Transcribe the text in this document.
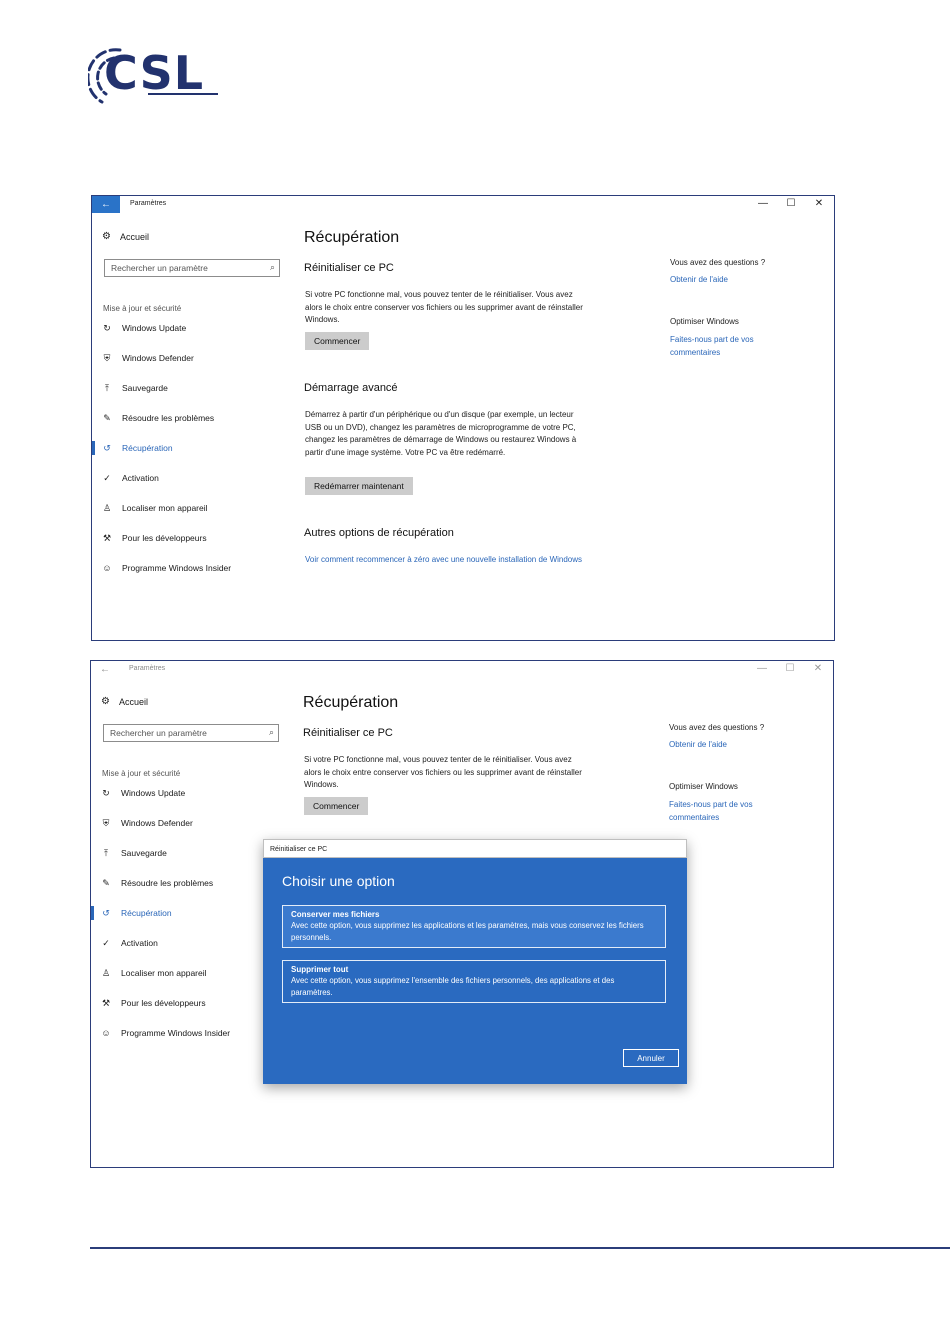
CSL
←	Paramètres	— ☐ ✕
⚙ Accueil
Rechercher un paramètre	⌕
Mise à jour et sécurité
↻ Windows Update
⛨ Windows Defender
⤒	Sauvegarde
✎ Résoudre les problèmes
↺ Récupération
✓ Activation
♙ Localiser mon appareil
⚒ Pour les développeurs
☺ Programme Windows Insider
Récupération
Réinitialiser ce PC
Si votre PC fonctionne mal, vous pouvez tenter de le réinitialiser. Vous avez alors le choix entre conserver vos fichiers ou les supprimer avant de réinstaller Windows.
Commencer
Démarrage avancé
Démarrez à partir d'un périphérique ou d'un disque (par exemple, un lecteur USB ou un DVD), changez les paramètres de microprogramme de votre PC, changez les paramètres de démarrage de Windows ou restaurez Windows à partir d'une image système. Votre PC va être redémarré.
Redémarrer maintenant
Autres options de récupération
Voir comment recommencer à zéro avec une nouvelle installation de Windows
Vous avez des questions ?
Obtenir de l'aide
Optimiser Windows
Faites-nous part de vos commentaires
←	Paramètres	— ☐ ✕
⚙ Accueil
Rechercher un paramètre	⌕
Mise à jour et sécurité
↻ Windows Update
⛨ Windows Defender
⤒	Sauvegarde
✎ Résoudre les problèmes
↺ Récupération
✓ Activation
♙ Localiser mon appareil
⚒ Pour les développeurs
☺ Programme Windows Insider
Récupération
Réinitialiser ce PC
Si votre PC fonctionne mal, vous pouvez tenter de le réinitialiser. Vous avez alors le choix entre conserver vos fichiers ou les supprimer avant de réinstaller Windows.
Commencer
Vous avez des questions ?
Obtenir de l'aide
Optimiser Windows
Faites-nous part de vos commentaires
Réinitialiser ce PC
Choisir une option
Conserver mes fichiers
Avec cette option, vous supprimez les applications et les paramètres, mais vous conservez les fichiers personnels.
Supprimer tout
Avec cette option, vous supprimez l'ensemble des fichiers personnels, des applications et des paramètres.
Annuler
